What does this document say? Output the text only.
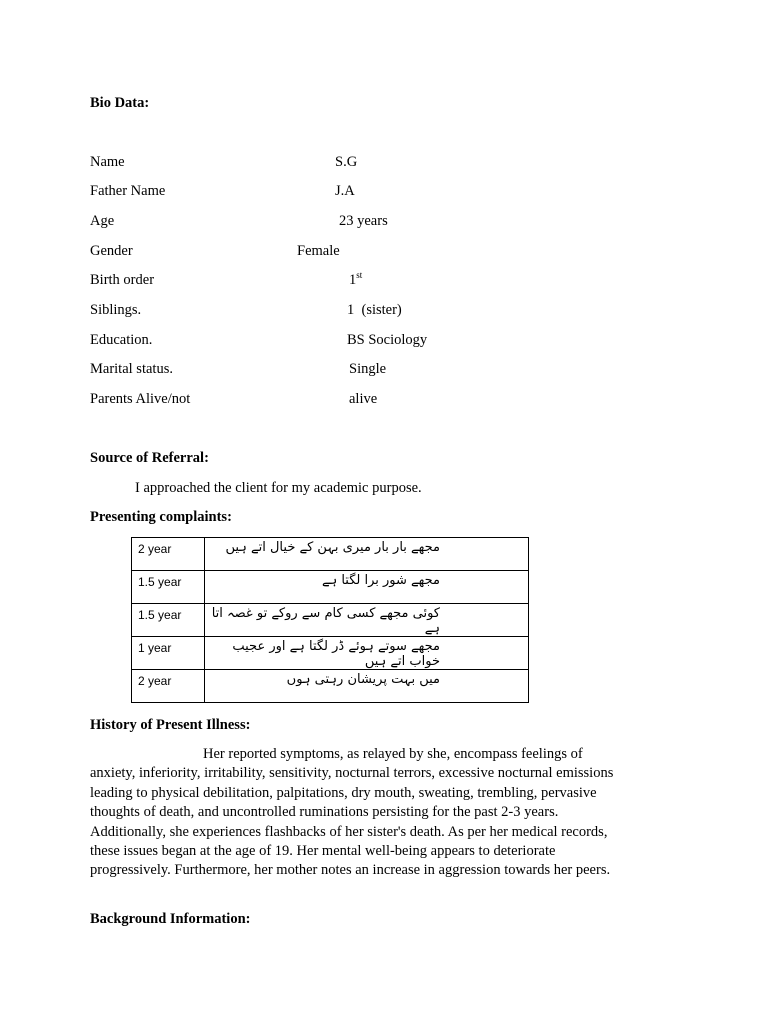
Bio Data:
Name	S.G
Father Name	J.A
Age	23 years
Gender	Female
Birth order	1st
Siblings.	1  (sister)
Education.	BS Sociology
Marital status.	Single
Parents Alive/not	alive
Source of Referral:
I approached the client for my academic purpose.
Presenting complaints:
2 year	مجھے بار بار میری بہن کے خیال اتے ہیں
1.5 year	مجھے شور برا لگتا ہے
1.5 year	کوئی مجھے کسی کام سے روکے تو غصہ اتا ہے
1 year	مجھے سوتے ہوئے ڈر لگتا ہے اور عجیب خواب اتے ہیں
2 year	میں بہت پریشان رہتی ہوں
History of Present Illness:
Her reported symptoms, as relayed by she, encompass feelings of anxiety, inferiority, irritability, sensitivity, nocturnal terrors, excessive nocturnal emissions leading to physical debilitation, palpitations, dry mouth, sweating, trembling, pervasive thoughts of death, and uncontrolled ruminations persisting for the past 2-3 years. Additionally, she experiences flashbacks of her sister's death. As per her medical records, these issues began at the age of 19. Her mental well-being appears to deteriorate progressively. Furthermore, her mother notes an increase in aggression towards her peers.
Background Information:
